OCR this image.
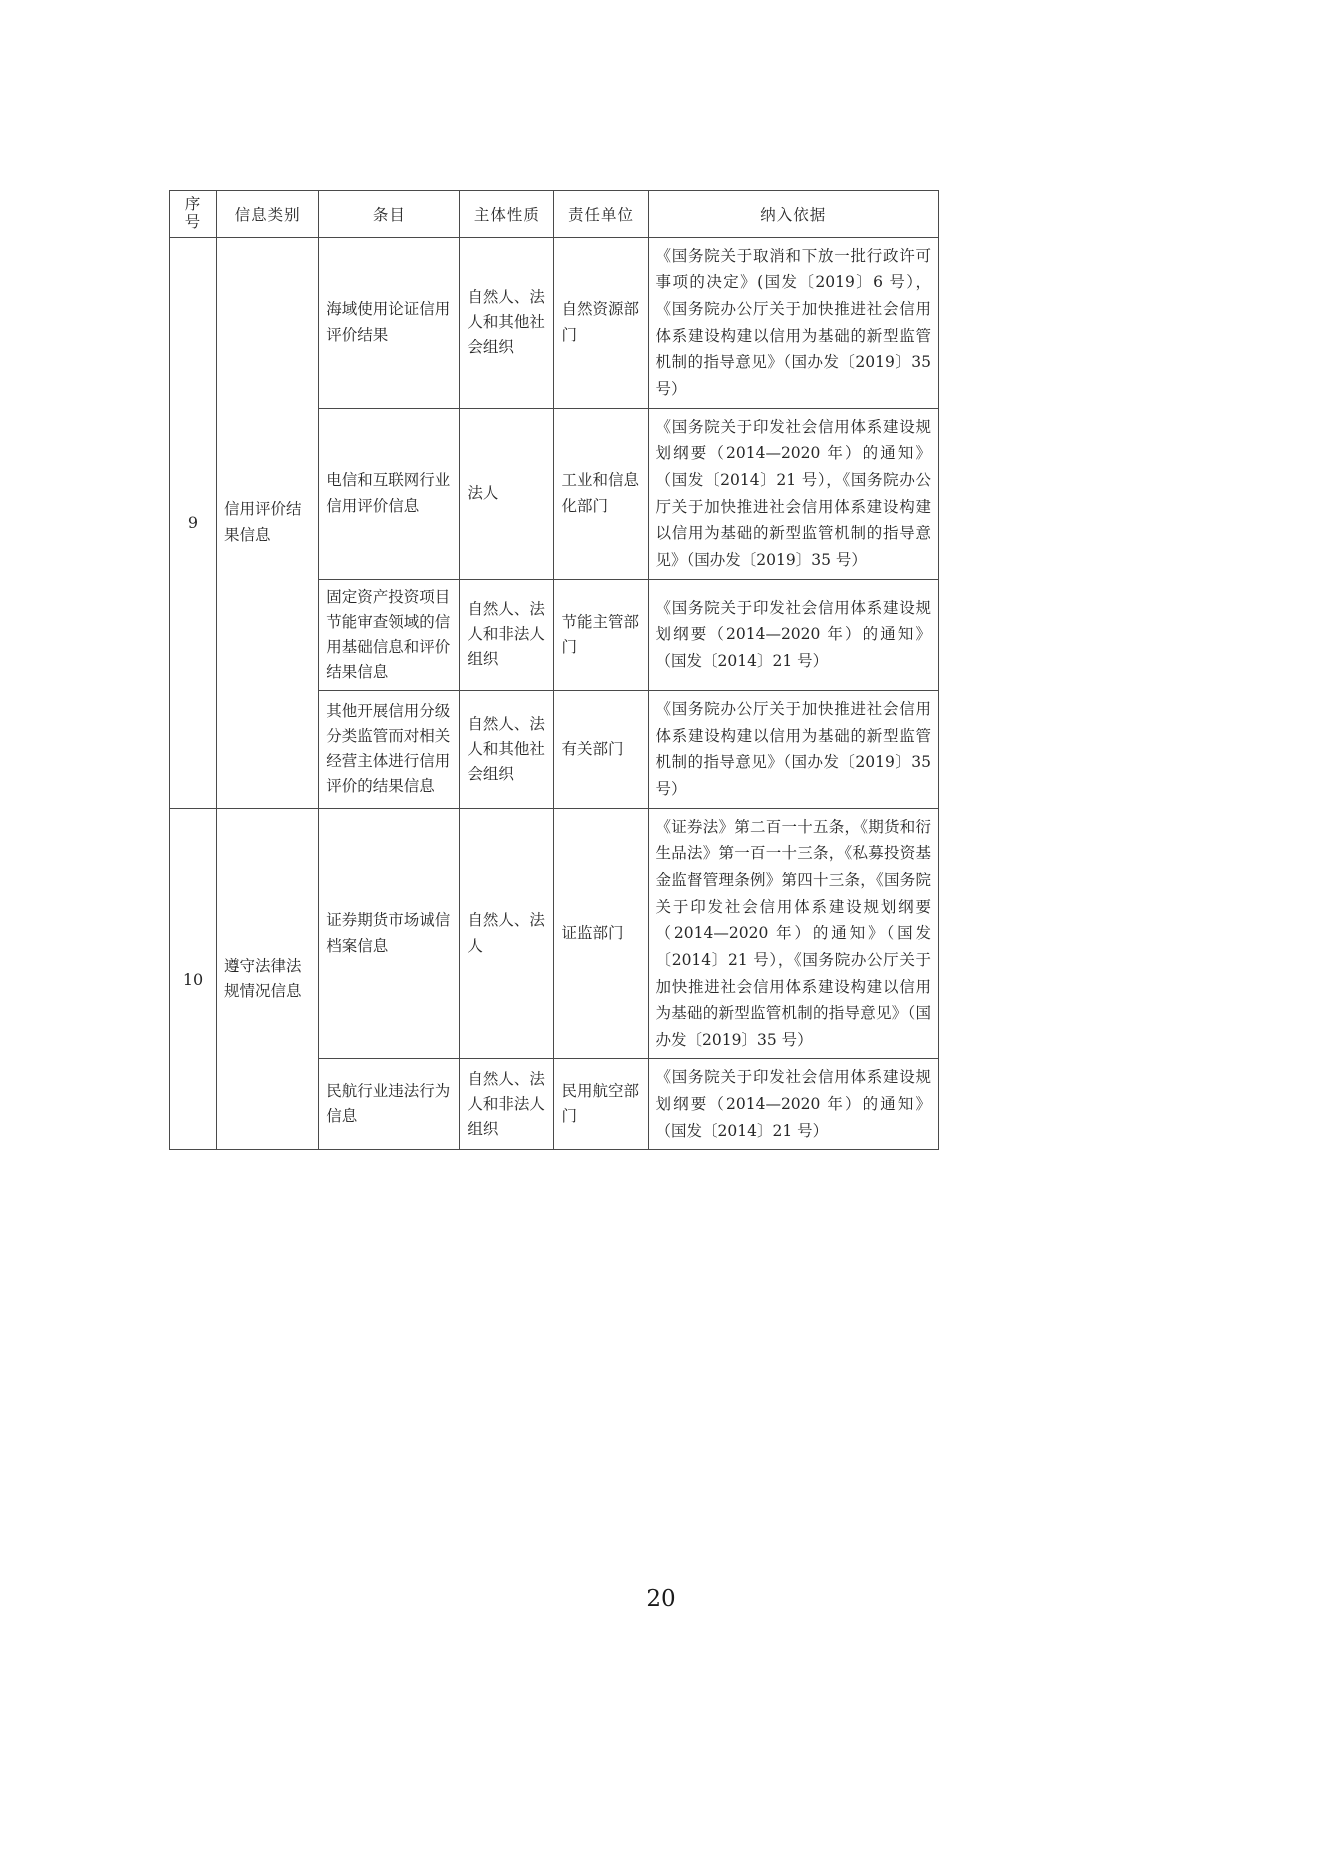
序
号	信息类别	条目	主体性质	责任单位	纳入依据
9	信用评价结果信息	海域使用论证信用评价结果	自然人、法人和其他社会组织	自然资源部门	《国务院关于取消和下放一批行政许可事项的决定》(国发〔2019〕6 号），《国务院办公厅关于加快推进社会信用体系建设构建以信用为基础的新型监管机制的指导意见》（国办发〔2019〕35 号）

		电信和互联网行业信用评价信息	法人	工业和信息化部门	《国务院关于印发社会信用体系建设规划纲要（2014—2020 年）的通知》（国发〔2014〕21 号），《国务院办公厅关于加快推进社会信用体系建设构建以信用为基础的新型监管机制的指导意见》（国办发〔2019〕35 号）

		固定资产投资项目节能审查领域的信用基础信息和评价结果信息	自然人、法人和非法人组织	节能主管部门	《国务院关于印发社会信用体系建设规划纲要（2014—2020 年）的通知》（国发〔2014〕21 号）

		其他开展信用分级分类监管而对相关经营主体进行信用评价的结果信息	自然人、法人和其他社会组织	有关部门	《国务院办公厅关于加快推进社会信用体系建设构建以信用为基础的新型监管机制的指导意见》（国办发〔2019〕35 号）

10	遵守法律法规情况信息	证券期货市场诚信档案信息	自然人、法人	证监部门	《证券法》第二百一十五条，《期货和衍生品法》第一百一十三条，《私募投资基金监督管理条例》第四十三条，《国务院关于印发社会信用体系建设规划纲要（2014—2020 年）的通知》（国发〔2014〕21 号），《国务院办公厅关于加快推进社会信用体系建设构建以信用为基础的新型监管机制的指导意见》（国办发〔2019〕35 号）

		民航行业违法行为信息	自然人、法人和非法人组织	民用航空部门	《国务院关于印发社会信用体系建设规划纲要（2014—2020 年）的通知》（国发〔2014〕21 号）
20
